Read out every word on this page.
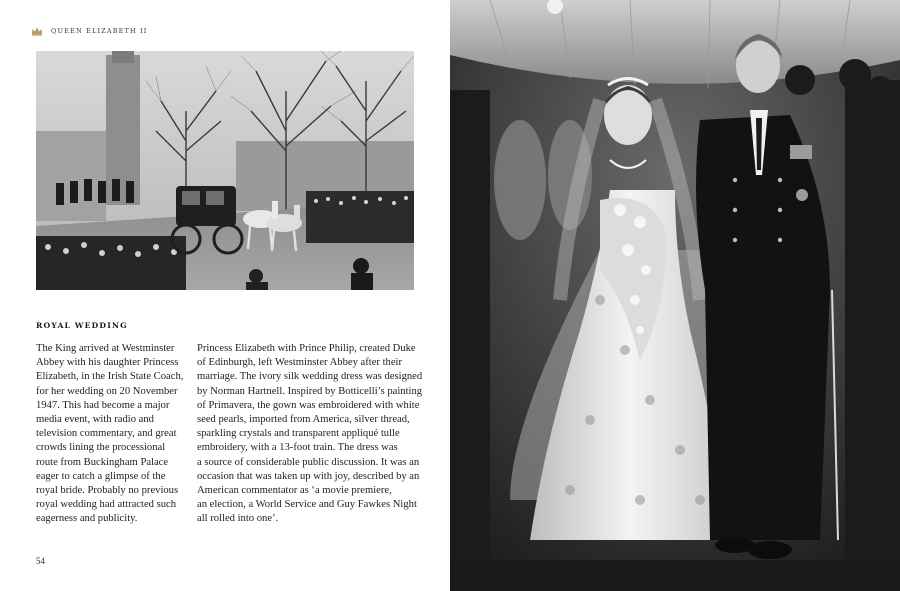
QUEEN ELIZABETH II
ROYAL WEDDING
The King arrived at Westminster
Abbey with his daughter Princess
Elizabeth, in the Irish State Coach,
for her wedding on 20 November
1947. This had become a major
media event, with radio and
television commentary, and great
crowds lining the processional
route from Buckingham Palace
eager to catch a glimpse of the
royal bride. Probably no previous
royal wedding had attracted such
eagerness and publicity.
Princess Elizabeth with Prince Philip, created Duke
of Edinburgh, left Westminster Abbey after their
marriage. The ivory silk wedding dress was designed
by Norman Hartnell. Inspired by Botticelli’s painting
of Primavera, the gown was embroidered with white
seed pearls, imported from America, silver thread,
sparkling crystals and transparent appliqué tulle
embroidery, with a 13-foot train. The dress was
a source of considerable public discussion. It was an
occasion that was taken up with joy, described by an
American commentator as ‘a movie premiere,
an election, a World Service and Guy Fawkes Night
all rolled into one’.
54
